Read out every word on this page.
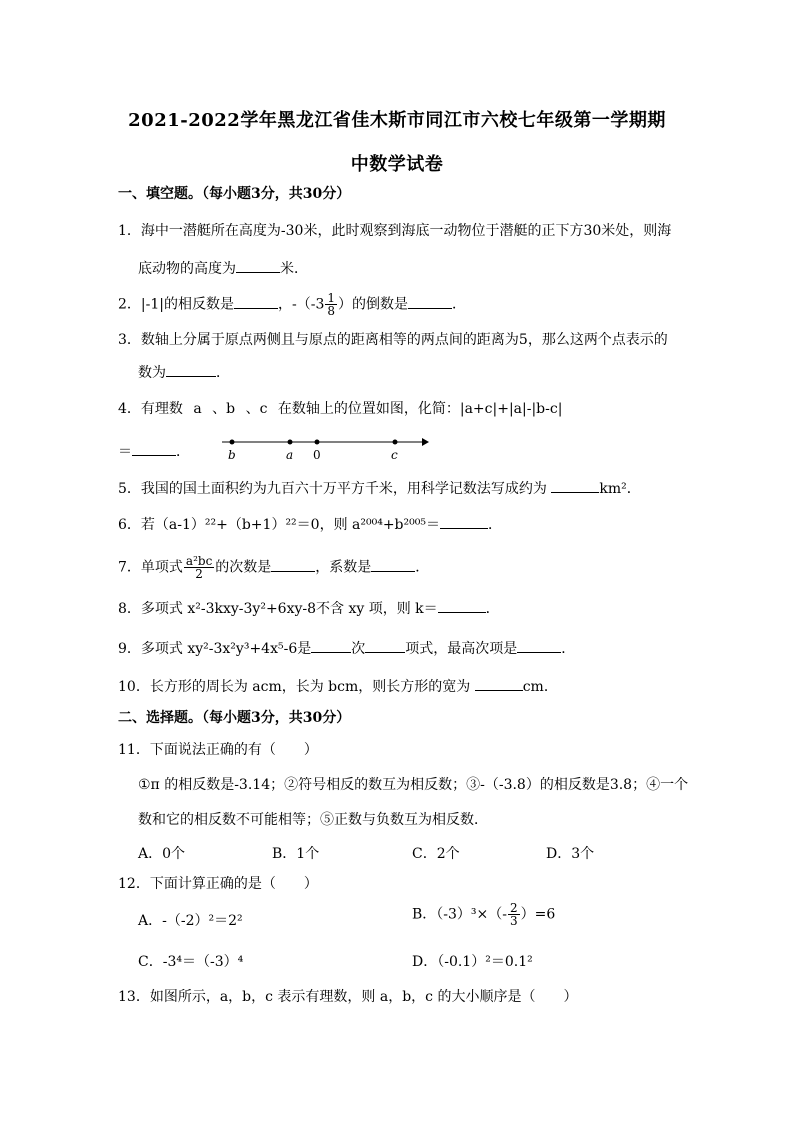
2021-2022学年黑龙江省佳木斯市同江市六校七年级第一学期期
中数学试卷
一、填空题。（每小题3分，共30分）
1．海中一潜艇所在高度为-30米，此时观察到海底一动物位于潜艇的正下方30米处，则海
底动物的高度为	米．
2．|-1|的相反数是	，$-(-3 \frac{1}{8}$ ）的倒数是	．
3．数轴上分属于原点两侧且与原点的距离相等的两点间的距离为5，那么这两个点表示的
数为	．
4．有理数 a 、b 、c 在数轴上的位置如图，化简：|a+c|+|a|-|b-c|
＝	．	b	a 0	c
5．我国的国土面积约为九百六十万平方千米，用科学记数法写成约为	km²．
6．若（a-1）²²+（b+1）²²＝0，则 a²⁰⁰⁴+b²⁰⁰⁵＝	．
7．单项式 $\frac{\text{a²bc}}{2}$ 的次数是	，系数是	．
8．多项式 x²-3kxy-3y²+6xy-8不含 xy 项，则 k＝	．
9．多项式 xy²-3x²y³+4x⁵-6是	次	项式，最高次项是	．
10．长方形的周长为 acm，长为 bcm，则长方形的宽为	cm．
二、选择题。（每小题3分，共30分）
11．下面说法正确的有（　　）
①π 的相反数是-3.14；②符号相反的数互为相反数；③-（-3.8）的相反数是3.8；④一个
数和它的相反数不可能相等；⑤正数与负数互为相反数．
A．0个	B．1个	C．2个	D．3个
12．下面计算正确的是（　　）
A．-（-2）²＝2²	B．$(-3)^3\times(- \frac{2}{3} )=6$
C．-3⁴＝（-3）⁴	D．（-0.1）²＝0.1²
13．如图所示，a，b，c 表示有理数，则 a，b，c 的大小顺序是（　　）
